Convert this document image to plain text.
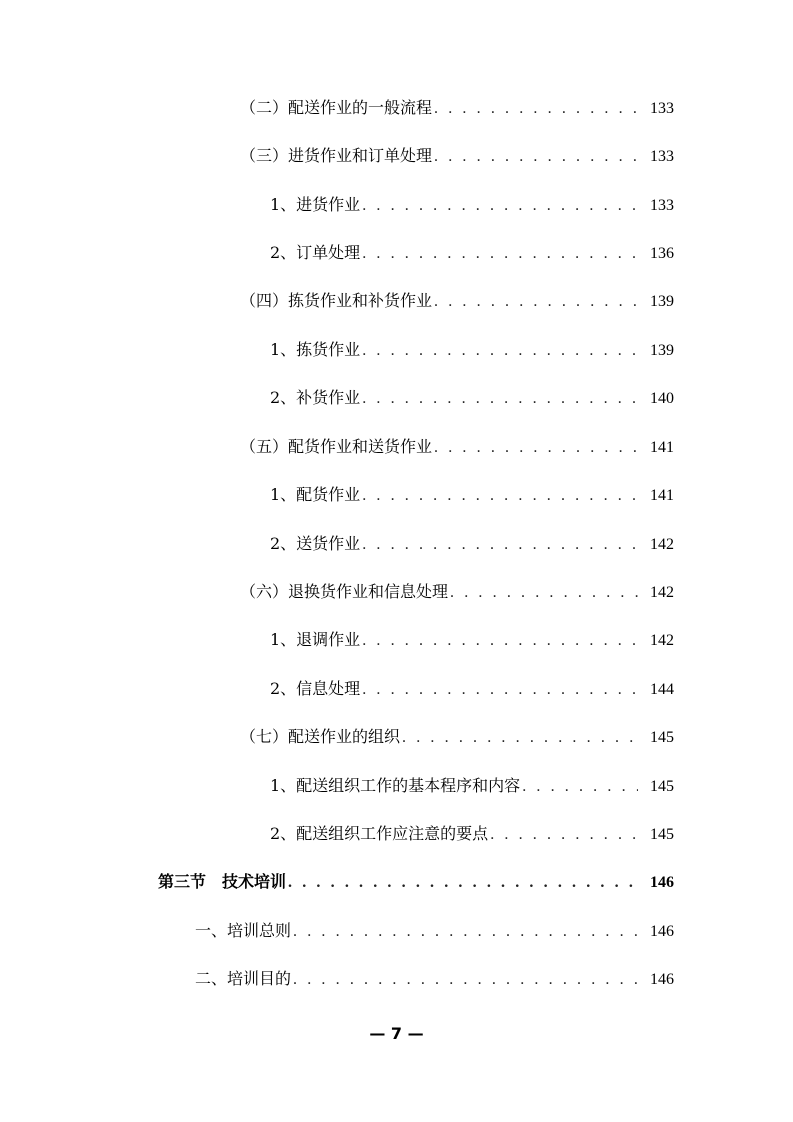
（二）配送作业的一般流程 . . .	133
（三）进货作业和订单处理 . . .	133
1、进货作业 . . .	133
2、订单处理 . . .	136
（四）拣货作业和补货作业 . . .	139
1、拣货作业 . . .	139
2、补货作业 . . .	140
（五）配货作业和送货作业 . . .	141
1、配货作业 . . .	141
2、送货作业 . . .	142
（六）退换货作业和信息处理 . . .	142
1、退调作业 . . .	142
2、信息处理 . . .	144
（七）配送作业的组织 . . .	145
1、配送组织工作的基本程序和内容 . . .	145
2、配送组织工作应注意的要点 . . .	145
第三节　技术培训 . . .	146
一、培训总则 . . .	146
二、培训目的 . . .	146
— 7 —
